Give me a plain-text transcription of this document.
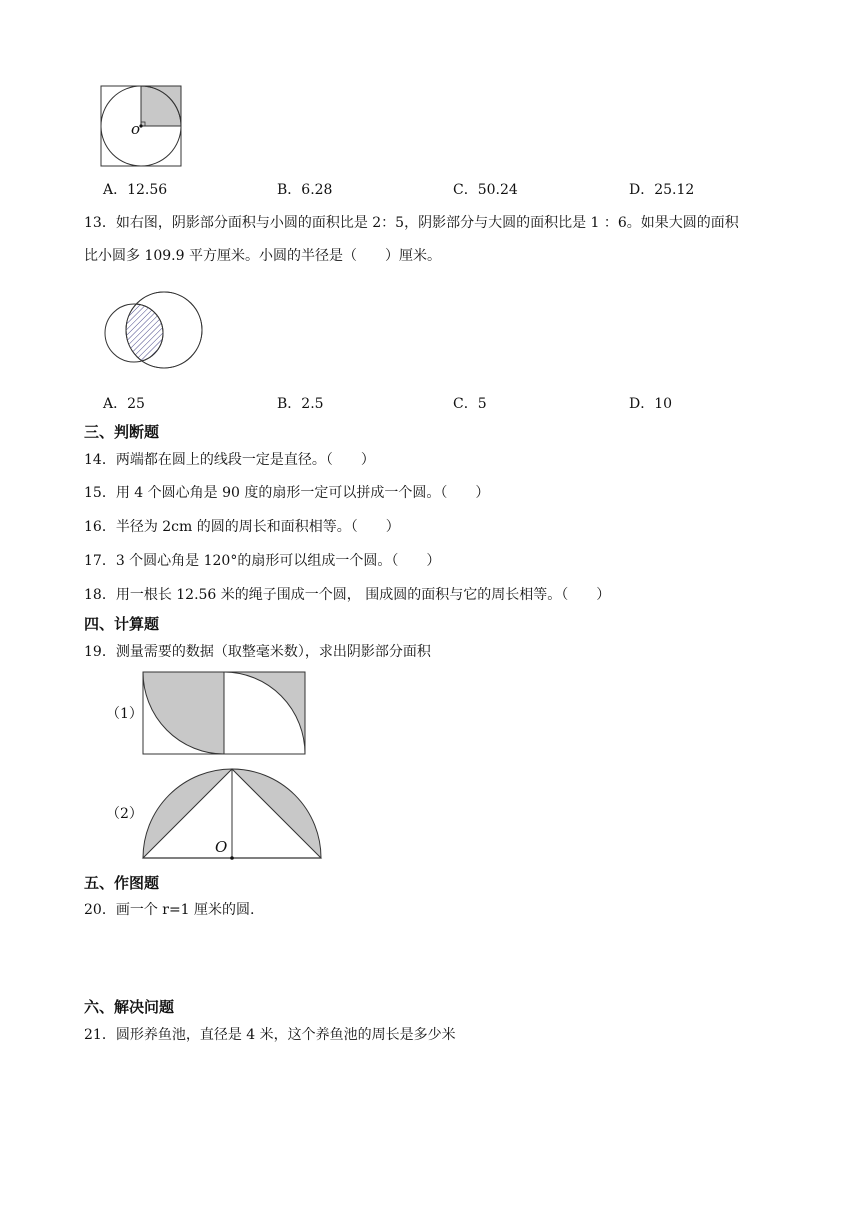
o
A．12.56	B．6.28	C．50.24	D．25.12
13．如右图，阴影部分面积与小圆的面积比是 2：5，阴影部分与大圆的面积比是 1 ：6。如果大圆的面积
比小圆多 109.9 平方厘米。小圆的半径是（　　）厘米。
A．25	B．2.5	C．5	D．10
三、判断题
14．两端都在圆上的线段一定是直径。（　　）
15．用 4 个圆心角是 90 度的扇形一定可以拼成一个圆。（　　）
16．半径为 2cm 的圆的周长和面积相等。（　　）
17．3 个圆心角是 120°的扇形可以组成一个圆。（　　）
18．用一根长 12.56 米的绳子围成一个圆， 围成圆的面积与它的周长相等。（　　）
四、计算题
19．测量需要的数据（取整毫米数），求出阴影部分面积
（1）
（2）
O
五、作图题
20．画一个 r=1 厘米的圆.
六、解决问题
21．圆形养鱼池，直径是 4 米，这个养鱼池的周长是多少米
